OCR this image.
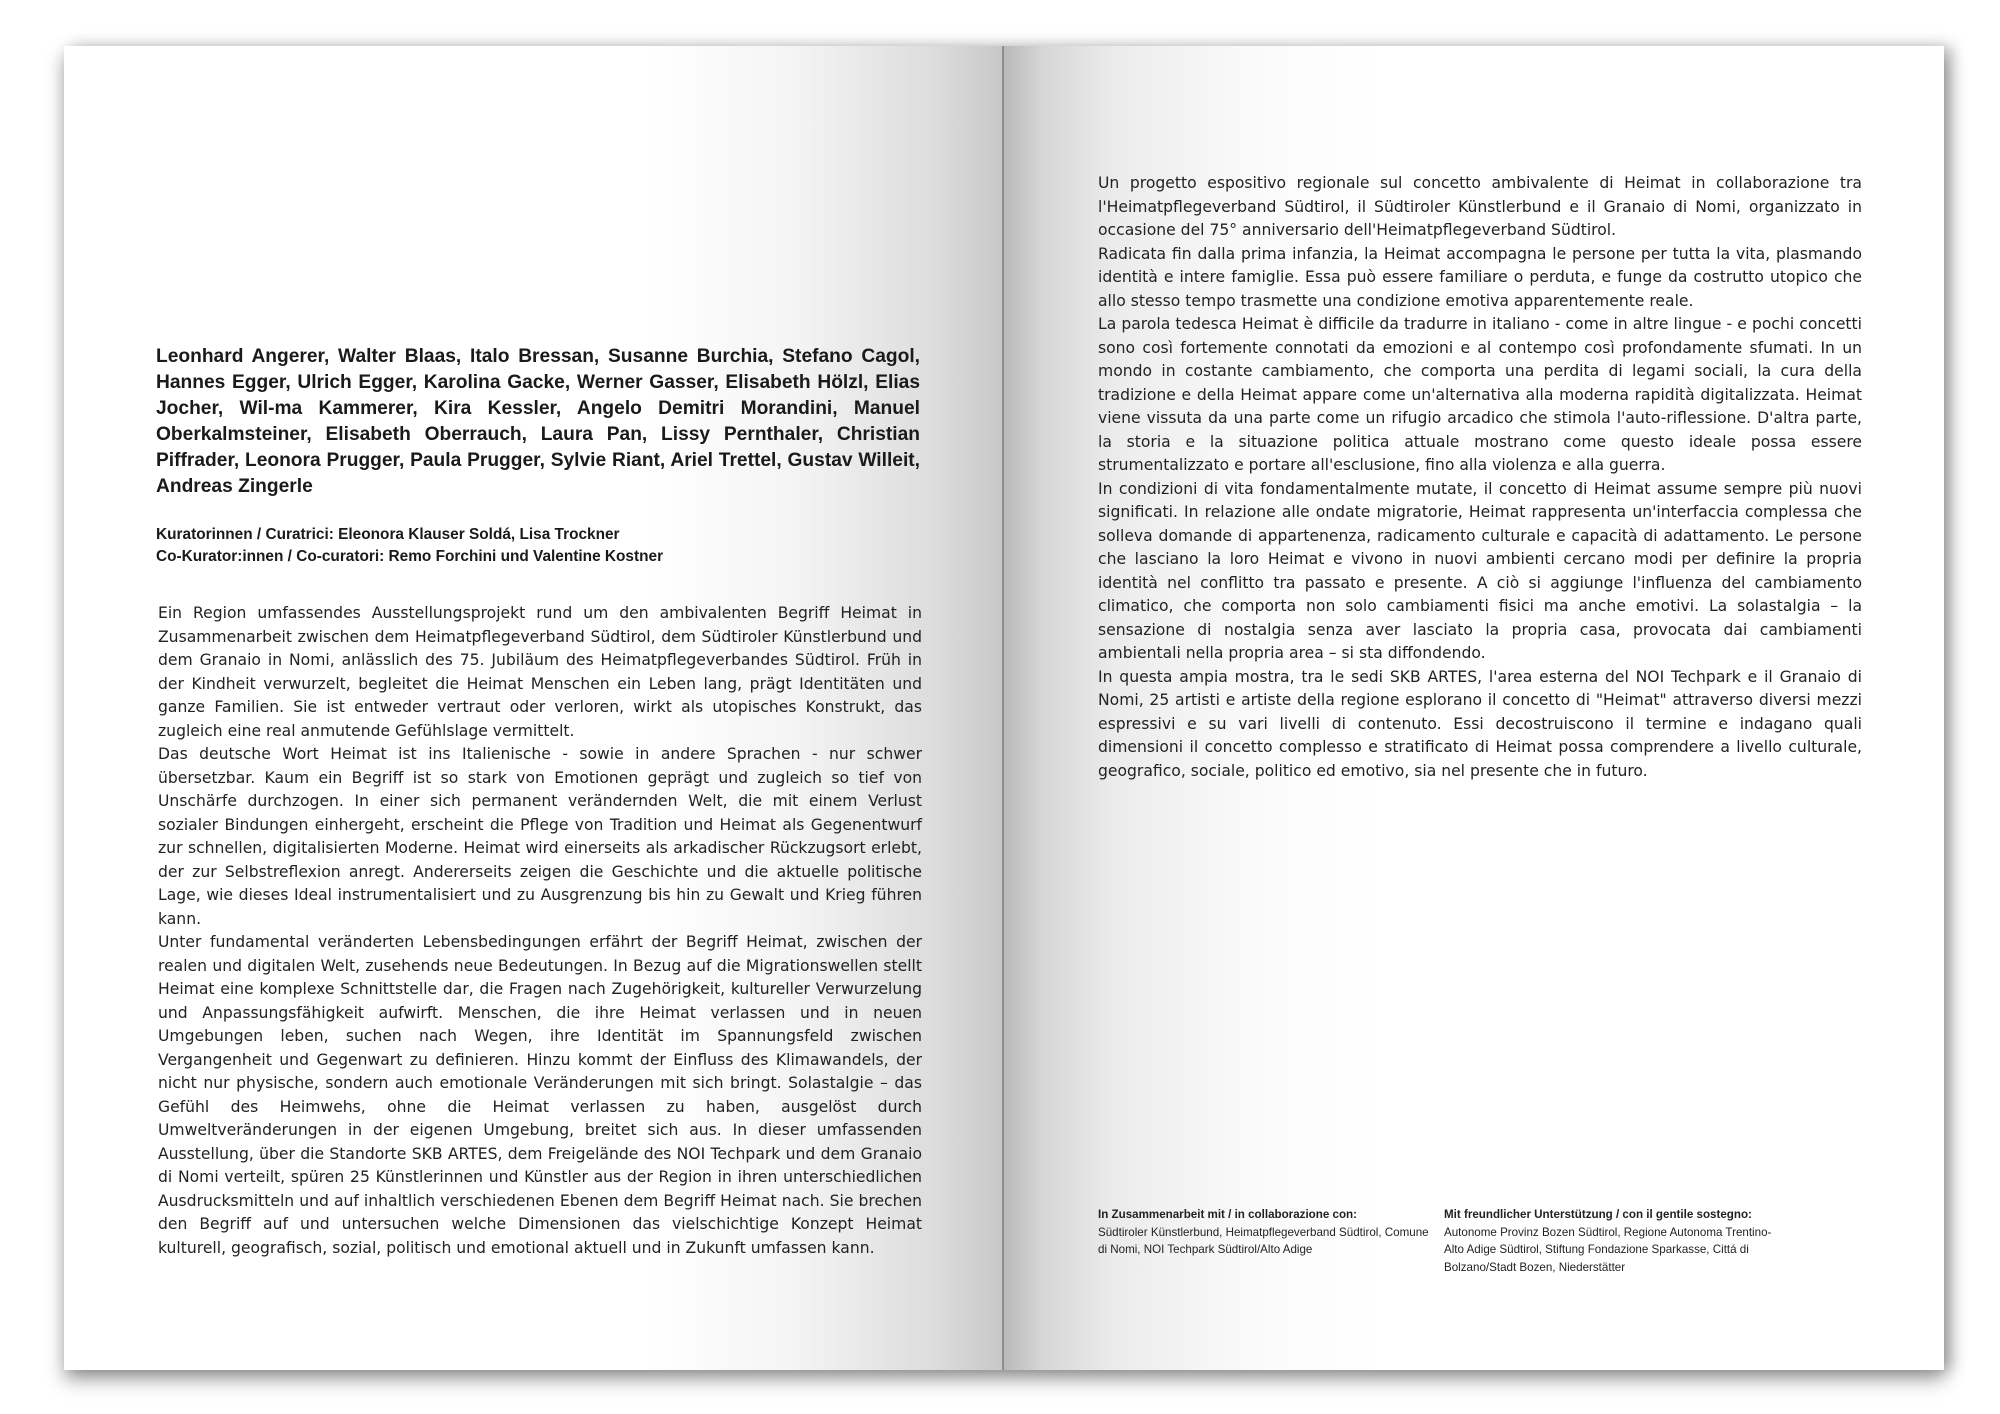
Leonhard Angerer, Walter Blaas, Italo Bressan, Susanne Burchia, Stefano Cagol, Hannes Egger, Ulrich Egger, Karolina Gacke, Werner Gasser, Elisabeth Hölzl, Elias Jocher, Wil-ma Kammerer, Kira Kessler, Angelo Demitri Morandini, Manuel Oberkalmsteiner, Elisabeth Oberrauch, Laura Pan, Lissy Pernthaler, Christian Piffrader, Leonora Prugger, Paula Prugger, Sylvie Riant, Ariel Trettel, Gustav Willeit, Andreas Zingerle

Kuratorinnen / Curatrici: Eleonora Klauser Soldá, Lisa Trockner
Co-Kurator:innen / Co-curatori: Remo Forchini und Valentine Kostner

Ein Region umfassendes Ausstellungsprojekt rund um den ambivalenten Begriff Heimat in Zusammenarbeit zwischen dem Heimatpflegeverband Südtirol, dem Südtiroler Künstlerbund und dem Granaio in Nomi, anlässlich des 75. Jubiläum des Heimatpflegeverbandes Südtirol. Früh in der Kindheit verwurzelt, begleitet die Heimat Menschen ein Leben lang, prägt Identitäten und ganze Familien. Sie ist entweder vertraut oder verloren, wirkt als utopisches Konstrukt, das zugleich eine real anmutende Gefühlslage vermittelt.

Das deutsche Wort Heimat ist ins Italienische - sowie in andere Sprachen - nur schwer übersetzbar. Kaum ein Begriff ist so stark von Emotionen geprägt und zugleich so tief von Unschärfe durchzogen. In einer sich permanent verändernden Welt, die mit einem Verlust sozialer Bindungen einhergeht, erscheint die Pflege von Tradition und Heimat als Gegenentwurf zur schnellen, digitalisierten Moderne. Heimat wird einerseits als arkadischer Rückzugsort erlebt, der zur Selbstreflexion anregt. Andererseits zeigen die Geschichte und die aktuelle politische Lage, wie dieses Ideal instrumentalisiert und zu Ausgrenzung bis hin zu Gewalt und Krieg führen kann.

Unter fundamental veränderten Lebensbedingungen erfährt der Begriff Heimat, zwischen der realen und digitalen Welt, zusehends neue Bedeutungen. In Bezug auf die Migrationswellen stellt Heimat eine komplexe Schnittstelle dar, die Fragen nach Zugehörigkeit, kultureller Verwurzelung und Anpassungsfähigkeit aufwirft. Menschen, die ihre Heimat verlassen und in neuen Umgebungen leben, suchen nach Wegen, ihre Identität im Spannungsfeld zwischen Vergangenheit und Gegenwart zu definieren. Hinzu kommt der Einfluss des Klimawandels, der nicht nur physische, sondern auch emotionale Veränderungen mit sich bringt. Solastalgie – das Gefühl des Heimwehs, ohne die Heimat verlassen zu haben, ausgelöst durch Umweltveränderungen in der eigenen Umgebung, breitet sich aus. In dieser umfassenden Ausstellung, über die Standorte SKB ARTES, dem Freigelände des NOI Techpark und dem Granaio di Nomi verteilt, spüren 25 Künstlerinnen und Künstler aus der Region in ihren unterschiedlichen Ausdrucksmitteln und auf inhaltlich verschiedenen Ebenen dem Begriff Heimat nach. Sie brechen den Begriff auf und untersuchen welche Dimensionen das vielschichtige Konzept Heimat kulturell, geografisch, sozial, politisch und emotional aktuell und in Zukunft umfassen kann.

Un progetto espositivo regionale sul concetto ambivalente di Heimat in collaborazione tra l'Heimatpflegeverband Südtirol, il Südtiroler Künstlerbund e il Granaio di Nomi, organizzato in occasione del 75° anniversario dell'Heimatpflegeverband Südtirol.

Radicata fin dalla prima infanzia, la Heimat accompagna le persone per tutta la vita, plasmando identità e intere famiglie. Essa può essere familiare o perduta, e funge da costrutto utopico che allo stesso tempo trasmette una condizione emotiva apparentemente reale.

La parola tedesca Heimat è difficile da tradurre in italiano - come in altre lingue - e pochi concetti sono così fortemente connotati da emozioni e al contempo così profondamente sfumati. In un mondo in costante cambiamento, che comporta una perdita di legami sociali, la cura della tradizione e della Heimat appare come un'alternativa alla moderna rapidità digitalizzata. Heimat viene vissuta da una parte come un rifugio arcadico che stimola l'auto-riflessione. D'altra parte, la storia e la situazione politica attuale mostrano come questo ideale possa essere strumentalizzato e portare all'esclusione, fino alla violenza e alla guerra.

In condizioni di vita fondamentalmente mutate, il concetto di Heimat assume sempre più nuovi significati. In relazione alle ondate migratorie, Heimat rappresenta un'interfaccia complessa che solleva domande di appartenenza, radicamento culturale e capacità di adattamento. Le persone che lasciano la loro Heimat e vivono in nuovi ambienti cercano modi per definire la propria identità nel conflitto tra passato e presente. A ciò si aggiunge l'influenza del cambiamento climatico, che comporta non solo cambiamenti fisici ma anche emotivi. La solastalgia – la sensazione di nostalgia senza aver lasciato la propria casa, provocata dai cambiamenti ambientali nella propria area – si sta diffondendo.

In questa ampia mostra, tra le sedi SKB ARTES, l'area esterna del NOI Techpark e il Granaio di Nomi, 25 artisti e artiste della regione esplorano il concetto di "Heimat" attraverso diversi mezzi espressivi e su vari livelli di contenuto. Essi decostruiscono il termine e indagano quali dimensioni il concetto complesso e stratificato di Heimat possa comprendere a livello culturale, geografico, sociale, politico ed emotivo, sia nel presente che in futuro.

In Zusammenarbeit mit / in collaborazione con:
Südtiroler Künstlerbund, Heimatpflegeverband Südtirol, Comune di Nomi, NOI Techpark Südtirol/Alto Adige
Mit freundlicher Unterstützung / con il gentile sostegno:
Autonome Provinz Bozen Südtirol, Regione Autonoma Trentino-Alto Adige Südtirol, Stiftung Fondazione Sparkasse, Cittá di Bolzano/Stadt Bozen, Niederstätter
